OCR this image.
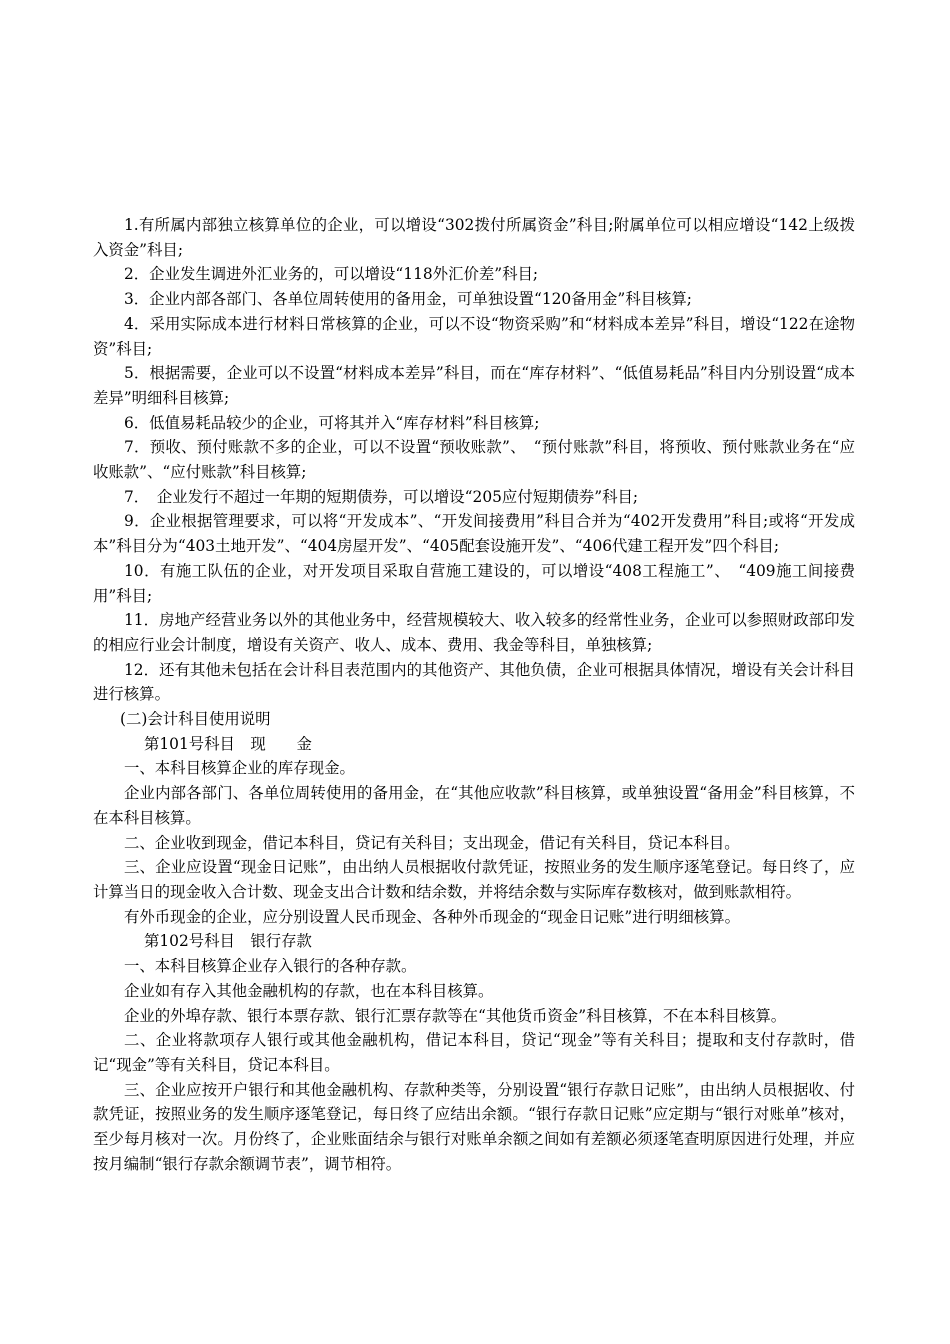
1.有所属内部独立核算单位的企业，可以增设“302拨付所属资金”科目;附属单位可以相应增设“142上级拨入资金”科目;

2．企业发生调进外汇业务的，可以增设“118外汇价差”科目;

3．企业内部各部门、各单位周转使用的备用金，可单独设置“120备用金”科目核算;

4．采用实际成本进行材料日常核算的企业，可以不设“物资采购”和“材料成本差异”科目，增设“122在途物资”科目;

5．根据需要，企业可以不设置“材料成本差异”科目，而在“库存材料”、“低值易耗品”科目内分别设置“成本差异”明细科目核算;

6．低值易耗品较少的企业，可将其并入“库存材料”科目核算;

7．预收、预付账款不多的企业，可以不设置“预收账款”、　“预付账款”科目，将预收、预付账款业务在“应收账款”、“应付账款”科目核算;

7．　企业发行不超过一年期的短期债券，可以增设“205应付短期债券”科目;

9．企业根据管理要求，可以将“开发成本”、“开发间接费用”科目合并为“402开发费用”科目;或将“开发成本”科目分为“403土地开发”、“404房屋开发”、“405配套设施开发”、“406代建工程开发”四个科目;

10．有施工队伍的企业，对开发项目采取自营施工建设的，可以增设“408工程施工”、　“409施工间接费用”科目;

11．房地产经营业务以外的其他业务中，经营规模较大、收入较多的经常性业务，企业可以参照财政部印发的相应行业会计制度，增设有关资产、收人、成本、费用、我金等科目，单独核算;

12．还有其他未包括在会计科目表范围内的其他资产、其他负债，企业可根据具体情况，增设有关会计科目进行核算。

(二)会计科目使用说明

第101号科目　现　　金

一、本科目核算企业的库存现金。

企业内部各部门、各单位周转使用的备用金，在“其他应收款”科目核算，或单独设置“备用金”科目核算，不在本科目核算。

二、企业收到现金，借记本科目，贷记有关科目；支出现金，借记有关科目，贷记本科目。

三、企业应设置“现金日记账”，由出纳人员根据收付款凭证，按照业务的发生顺序逐笔登记。每日终了，应计算当日的现金收入合计数、现金支出合计数和结余数，并将结余数与实际库存数核对，做到账款相符。

有外币现金的企业，应分别设置人民币现金、各种外币现金的“现金日记账”进行明细核算。

第102号科目　银行存款

一、本科目核算企业存入银行的各种存款。

企业如有存入其他金融机构的存款，也在本科目核算。

企业的外埠存款、银行本票存款、银行汇票存款等在“其他货币资金”科目核算，不在本科目核算。

二、企业将款项存人银行或其他金融机构，借记本科目，贷记“现金”等有关科目；提取和支付存款时，借记“现金”等有关科目，贷记本科目。

三、企业应按开户银行和其他金融机构、存款种类等，分别设置“银行存款日记账”，由出纳人员根据收、付款凭证，按照业务的发生顺序逐笔登记，每日终了应结出余额。“银行存款日记账”应定期与“银行对账单”核对，至少每月核对一次。月份终了，企业账面结余与银行对账单余额之间如有差额必须逐笔查明原因进行处理，并应按月编制“银行存款余额调节表”，调节相符。
